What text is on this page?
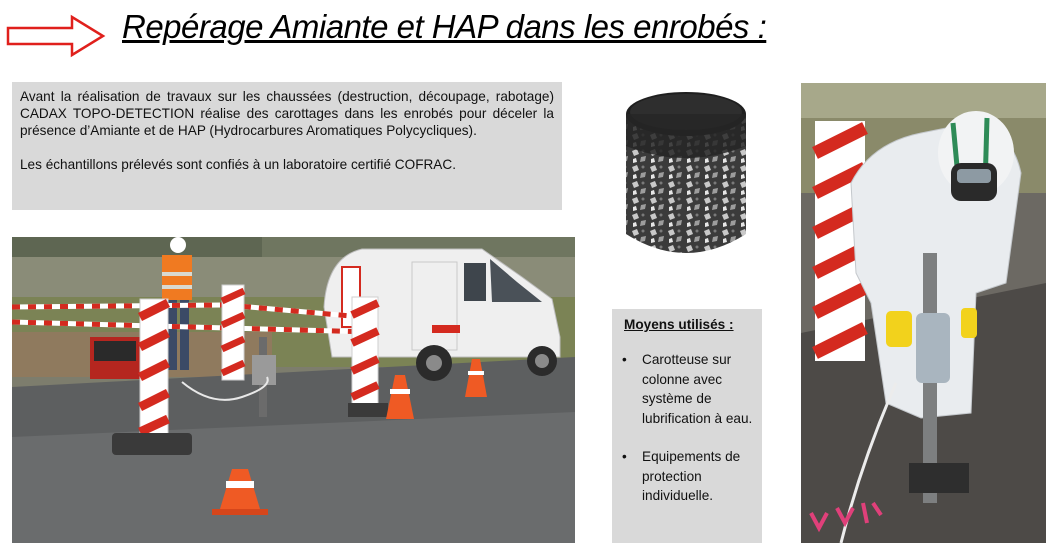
Repérage Amiante et HAP dans les enrobés :

Avant la réalisation de travaux sur les chaussées (destruction, découpage, rabotage) CADAX TOPO-DETECTION réalise des carottages dans les enrobés pour déceler la présence d’Amiante et de HAP (Hydrocarbures Aromatiques Polycycliques).

Les échantillons prélevés sont confiés à un laboratoire certifié COFRAC.

Moyens utilisés :
• Carotteuse sur colonne avec système de lubrification à eau.
• Equipements de protection individuelle.
